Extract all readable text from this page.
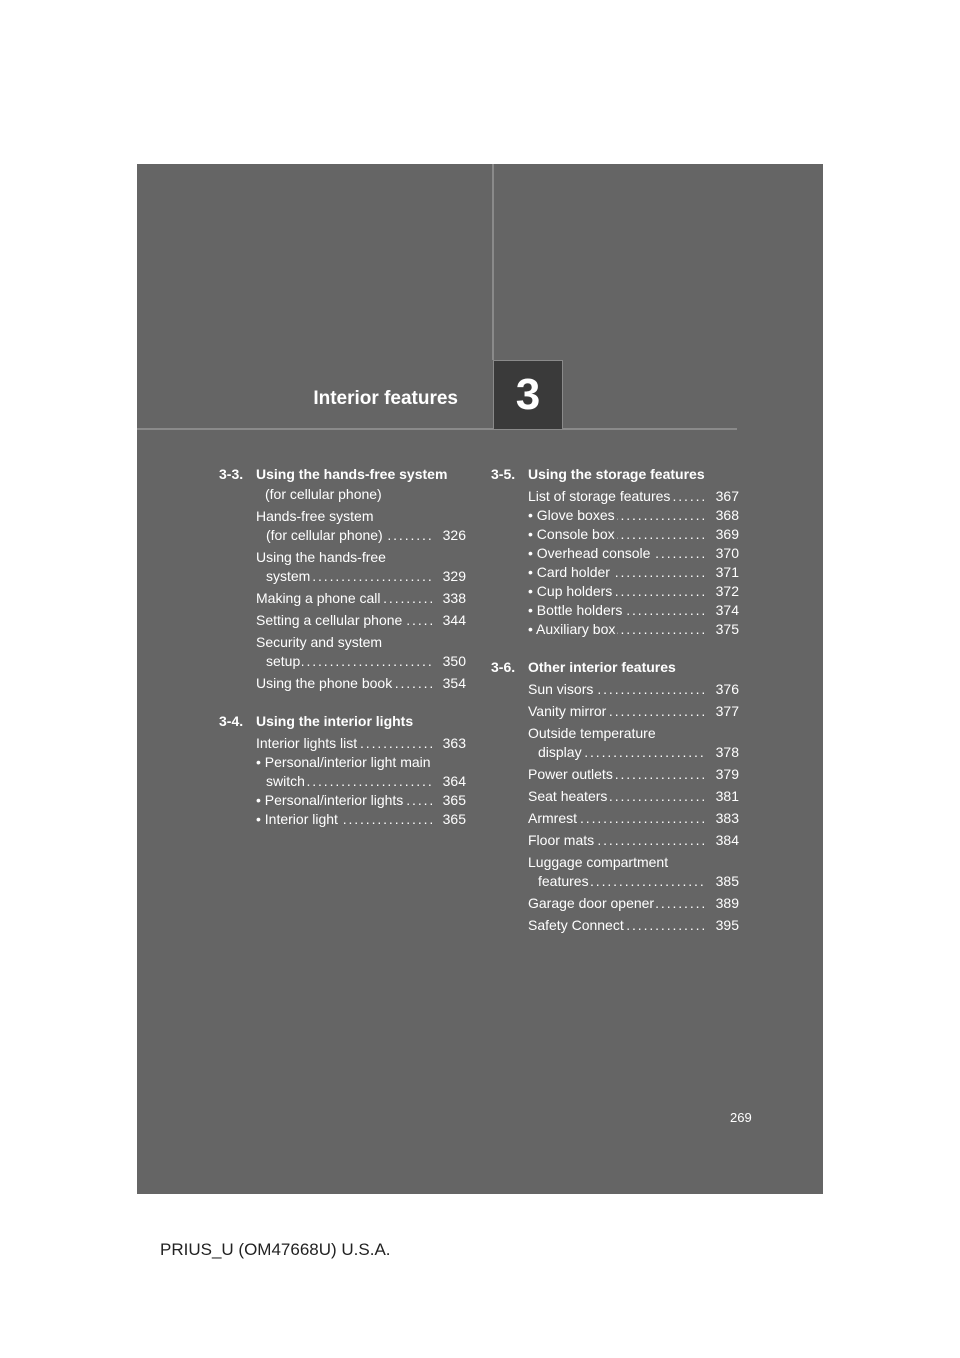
Interior features	3
3-3. Using the hands-free system
(for cellular phone)
Hands-free system
(for cellular phone) . . .	326
Using the hands-free
system . . .	329
Making a phone call . . .	338
Setting a cellular phone . . .	344
Security and system
setup . . .	350
Using the phone book . . .	354
3-4. Using the interior lights
Interior lights list . . .	363
• Personal/interior light main
switch . . .	364
• Personal/interior lights . . .	365
• Interior light . . .	365
3-5. Using the storage features
List of storage features . . .	367
• Glove boxes . . .	368
• Console box . . .	369
• Overhead console . . .	370
• Card holder . . .	371
• Cup holders . . .	372
• Bottle holders . . .	374
• Auxiliary box . . .	375
3-6. Other interior features
Sun visors . . .	376
Vanity mirror . . .	377
Outside temperature
display . . .	378
Power outlets . . .	379
Seat heaters . . .	381
Armrest . . .	383
Floor mats . . .	384
Luggage compartment
features . . .	385
Garage door opener . . .	389
Safety Connect . . .	395
269
PRIUS_U (OM47668U) U.S.A.
